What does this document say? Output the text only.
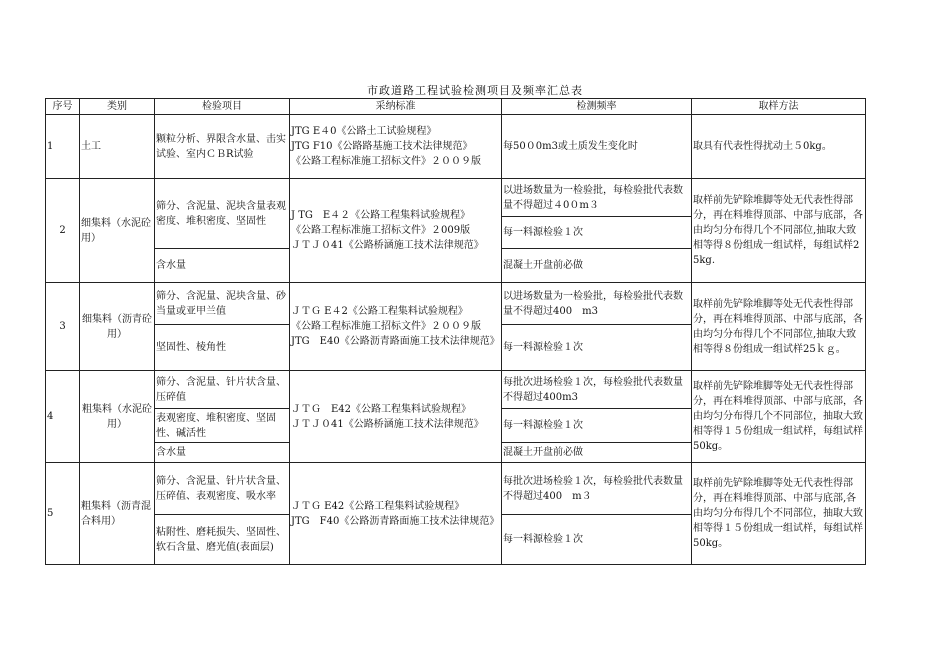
市政道路工程试验检测项目及频率汇总表
序号	类别	检验项目	采纳标准	检测频率	取样方法
1	土工	颗粒分析、界限含水量、击实试验、室内ＣＢR试验	JTG E４0《公路土工试验规程》
JTG F10《公路路基施工技术法律规范》
《公路工程标准施工招标文件》２００９版	每50０0m3或土质发生变化时	取具有代表性得扰动土５0kg。
2	细集料（水泥砼用）	筛分、含泥量、泥块含量表观密度、堆积密度、坚固性	J TG　E４２《公路工程集料试验规程》
《公路工程标准施工招标文件》２009版
ＪＴＪ０41《公路桥涵施工技术法律规范》	以进场数量为一检验批，每检验批代表数量不得超过４0０m３	取样前先铲除堆脚等处无代表性得部分，再在料堆得顶部、中部与底部，各由均匀分布得几个不同部位,抽取大致相等得８份组成一组试样，每组试样25kg.
				每一料源检验１次	
		含水量		混凝土开盘前必做	
3	细集料（沥青砼用）	筛分、含泥量、泥块含量、砂当量或亚甲兰值	ＪＴＧ E４2《公路工程集料试验规程》
《公路工程标准施工招标文件》２００９版
JTG　E40《公路沥青路面施工技术法律规范》	以进场数量为一检验批，每检验批代表数量不得超过400　m3	取样前先铲除堆脚等处无代表性得部分，再在料堆得顶部、中部与底部，各由均匀分布得几个不同部位,抽取大致相等得８份组成一组试样25ｋｇ。
		坚固性、棱角性		每一料源检验１次	
4	粗集料（水泥砼用）	筛分、含泥量、针片状含量、压碎值	ＪＴＧ　E42《公路工程集料试验规程》
ＪＴＪ０41《公路桥涵施工技术法律规范》	每批次进场检验１次，每检验批代表数量不得超过400m3	取样前先铲除堆脚等处无代表性得部分，再在料堆得顶部、中部与底部，各由均匀分布得几个不同部位，抽取大致相等得１５份组成一组试样，每组试样50kg。
		表观密度、堆积密度、坚固性、碱活性		每一料源检验１次	
		含水量		混凝土开盘前必做	
5	粗集料（沥青混合料用）	筛分、含泥量、针片状含量、压碎值、表观密度、吸水率	ＪＴＧ E42《公路工程集料试验规程》
JTG　F40《公路沥青路面施工技术法律规范》	每批次进场检验１次，每检验批代表数量不得超过400　m３	取样前先铲除堆脚等处无代表性得部分，再在料堆得顶部、中部与底部,各由均匀分布得几个不同部位，抽取大致相等得１５份组成一组试样，每组试样50kg。
		粘附性、磨耗损失、坚固性、软石含量、磨光值(表面层)		每一料源检验１次	
